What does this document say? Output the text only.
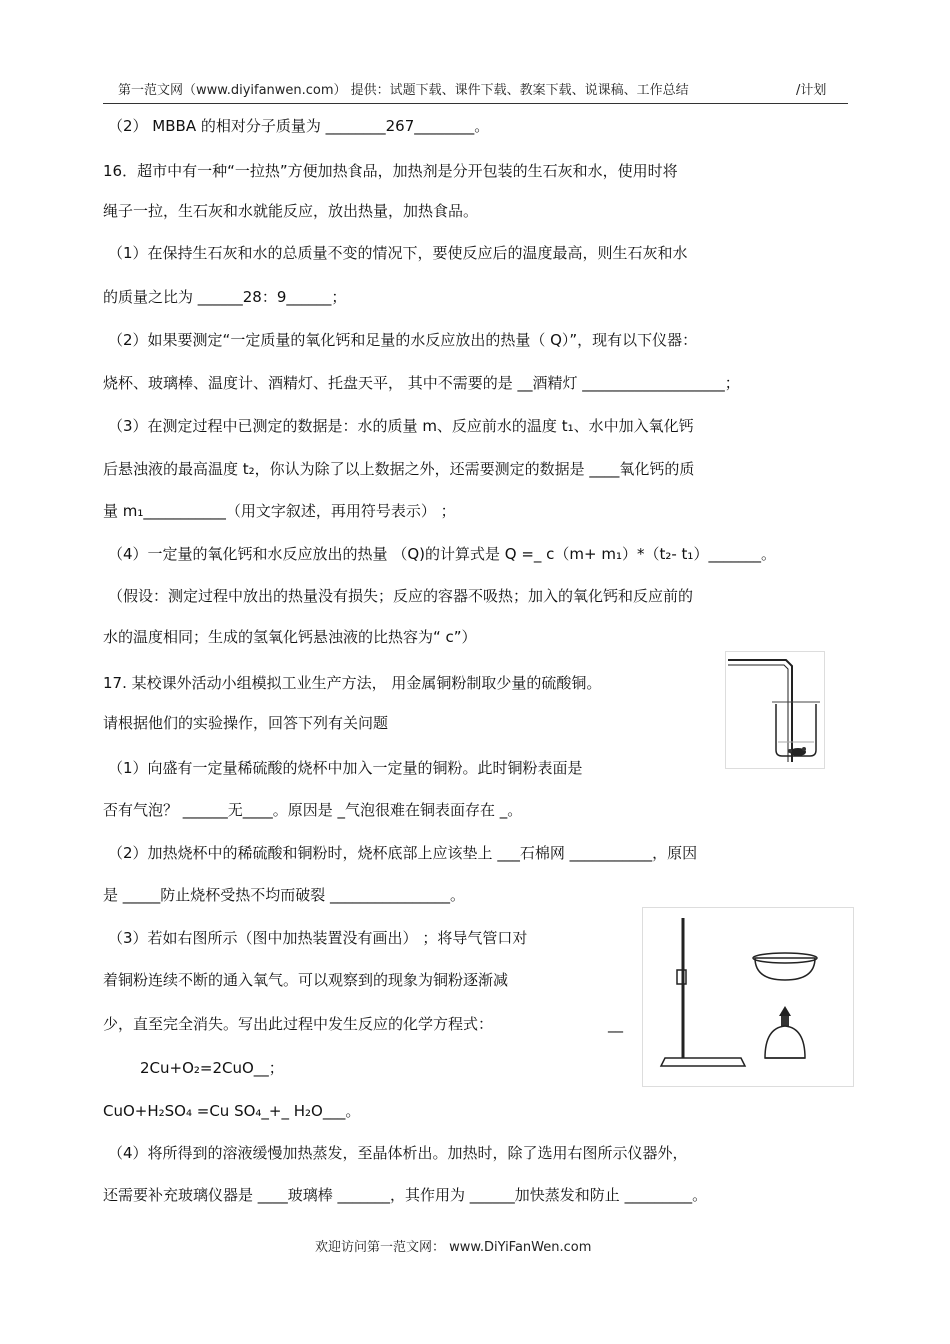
第一范文网（www.diyifanwen.com） 提供：试题下载、课件下载、教案下载、说课稿、工作总结	/计划
（2） MBBA 的相对分子质量为 ________267________。
16．超市中有一种“一拉热”方便加热食品，加热剂是分开包装的生石灰和水，使用时将
绳子一拉，生石灰和水就能反应，放出热量，加热食品。
（1）在保持生石灰和水的总质量不变的情况下，要使反应后的温度最高，则生石灰和水
的质量之比为 ______28：9______；
（2）如果要测定“一定质量的氧化钙和足量的水反应放出的热量（ Q）”，现有以下仪器：
烧杯、玻璃棒、温度计、酒精灯、托盘天平， 其中不需要的是 __酒精灯 ___________________；
（3）在测定过程中已测定的数据是：水的质量 m、反应前水的温度 t₁、水中加入氧化钙
后悬浊液的最高温度 t₂，你认为除了以上数据之外，还需要测定的数据是 ____氧化钙的质
量 m₁___________（用文字叙述，再用符号表示） ；
（4）一定量的氧化钙和水反应放出的热量 （Q)的计算式是 Q =_ c（m+ m₁）*（t₂- t₁）_______。
（假设：测定过程中放出的热量没有损失；反应的容器不吸热；加入的氧化钙和反应前的
水的温度相同；生成的氢氧化钙悬浊液的比热容为“ c”）
17. 某校课外活动小组模拟工业生产方法， 用金属铜粉制取少量的硫酸铜。
请根据他们的实验操作，回答下列有关问题
（1）向盛有一定量稀硫酸的烧杯中加入一定量的铜粉。此时铜粉表面是
否有气泡？ ______无____。原因是 _气泡很难在铜表面存在 _。
（2）加热烧杯中的稀硫酸和铜粉时，烧杯底部上应该垫上 ___石棉网 ___________，原因
是 _____防止烧杯受热不均而破裂 ________________。
（3）若如右图所示（图中加热装置没有画出） ；将导气管口对
着铜粉连续不断的通入氧气。可以观察到的现象为铜粉逐渐减
少，直至完全消失。写出此过程中发生反应的化学方程式：	__
2Cu+O₂=2CuO__；
CuO+H₂SO₄ =Cu SO₄_+_ H₂O___。
（4）将所得到的溶液缓慢加热蒸发，至晶体析出。加热时，除了选用右图所示仪器外，
还需要补充玻璃仪器是 ____玻璃棒 _______，其作用为 ______加快蒸发和防止 _________。
欢迎访问第一范文网： www.DiYiFanWen.com
